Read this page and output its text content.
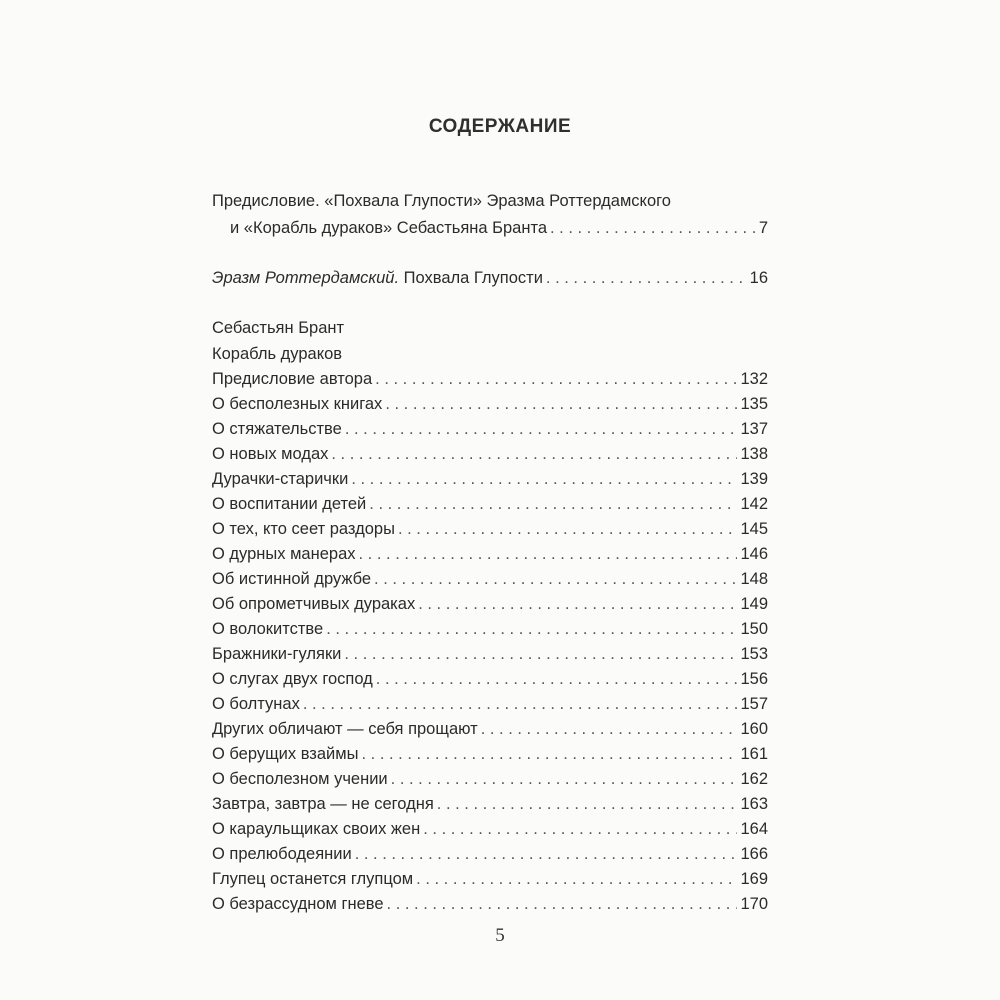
СОДЕРЖАНИЕ
Предисловие. «Похвала Глупости» Эразма Роттердамского
и «Корабль дураков» Себастьяна Бранта . . .	7
Эразм Роттердамский. Похвала Глупости . . .	16
Себастьян Брант
Корабль дураков
Предисловие автора . . .	132
О бесполезных книгах . . .	135
О стяжательстве . . .	137
О новых модах . . .	138
Дурачки-старички . . .	139
О воспитании детей . . .	142
О тех, кто сеет раздоры . . .	145
О дурных манерах . . .	146
Об истинной дружбе . . .	148
Об опрометчивых дураках . . .	149
О волокитстве . . .	150
Бражники-гуляки . . .	153
О слугах двух господ . . .	156
О болтунах . . .	157
Других обличают — себя прощают . . .	160
О берущих взаймы . . .	161
О бесполезном учении . . .	162
Завтра, завтра — не сегодня . . .	163
О караульщиках своих жен . . .	164
О прелюбодеянии . . .	166
Глупец останется глупцом . . .	169
О безрассудном гневе . . .	170
5
